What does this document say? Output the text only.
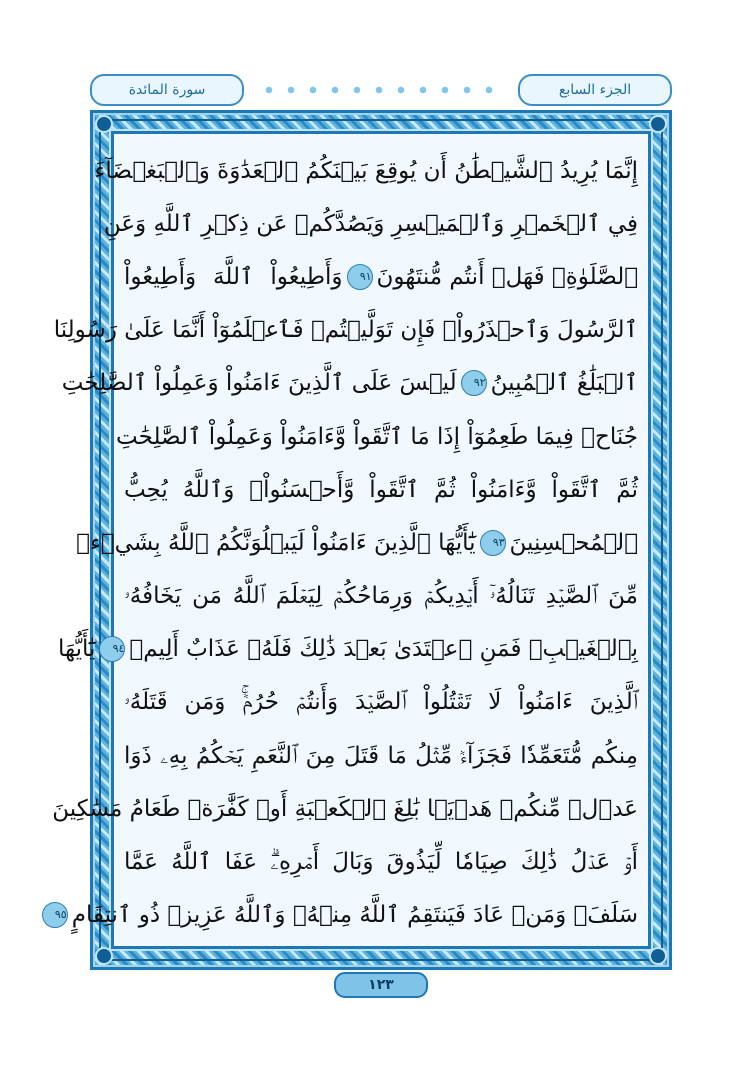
سورة المائدة	الجزء السابع
إِنَّمَا يُرِيدُ ٱلشَّيۡطَٰنُ أَن يُوقِعَ بَيۡنَكُمُ ٱلۡعَدَٰوَةَ وَٱلۡبَغۡضَآءَ
فِي ٱلۡخَمۡرِ وَٱلۡمَيۡسِرِ وَيَصُدَّكُمۡ عَن ذِكۡرِ ٱللَّهِ وَعَنِ
ٱلصَّلَوٰةِۖ فَهَلۡ أَنتُم مُّنتَهُونَ
٩١
وَأَطِيعُواْ ٱللَّهَ وَأَطِيعُواْ
ٱلرَّسُولَ وَٱحۡذَرُواْۚ فَإِن تَوَلَّيۡتُمۡ فَٱعۡلَمُوٓاْ أَنَّمَا عَلَىٰ رَسُولِنَا
ٱلۡبَلَٰغُ ٱلۡمُبِينُ
٩٢
لَيۡسَ عَلَى ٱلَّذِينَ ءَامَنُواْ وَعَمِلُواْ ٱلصَّٰلِحَٰتِ
جُنَاحٞ فِيمَا طَعِمُوٓاْ إِذَا مَا ٱتَّقَواْ وَّءَامَنُواْ وَعَمِلُواْ ٱلصَّٰلِحَٰتِ
ثُمَّ ٱتَّقَواْ وَّءَامَنُواْ ثُمَّ ٱتَّقَواْ وَّأَحۡسَنُواْۚ وَٱللَّهُ يُحِبُّ
ٱلۡمُحۡسِنِينَ
٩٣
يَٰٓأَيُّهَا ٱلَّذِينَ ءَامَنُواْ لَيَبۡلُوَنَّكُمُ ٱللَّهُ بِشَيۡءٖ
مِّنَ ٱلصَّيۡدِ تَنَالُهُۥٓ أَيۡدِيكُمۡ وَرِمَاحُكُمۡ لِيَعۡلَمَ ٱللَّهُ مَن يَخَافُهُۥ
بِٱلۡغَيۡبِۚ فَمَنِ ٱعۡتَدَىٰ بَعۡدَ ذَٰلِكَ فَلَهُۥ عَذَابٌ أَلِيمٞ
٩٤
يَٰٓأَيُّهَا
ٱلَّذِينَ ءَامَنُواْ لَا تَقۡتُلُواْ ٱلصَّيۡدَ وَأَنتُمۡ حُرُمٞۚ وَمَن قَتَلَهُۥ
مِنكُم مُّتَعَمِّدٗا فَجَزَآءٞ مِّثۡلُ مَا قَتَلَ مِنَ ٱلنَّعَمِ يَحۡكُمُ بِهِۦ ذَوَا
عَدۡلٖ مِّنكُمۡ هَدۡيَۢا بَٰلِغَ ٱلۡكَعۡبَةِ أَوۡ كَفَّٰرَةٞ طَعَامُ مَسَٰكِينَ
أَوۡ عَدۡلُ ذَٰلِكَ صِيَامٗا لِّيَذُوقَ وَبَالَ أَمۡرِهِۦۗ عَفَا ٱللَّهُ عَمَّا
سَلَفَۚ وَمَنۡ عَادَ فَيَنتَقِمُ ٱللَّهُ مِنۡهُۚ وَٱللَّهُ عَزِيزٞ ذُو ٱنتِقَامٍ
٩٥
١٢٣
